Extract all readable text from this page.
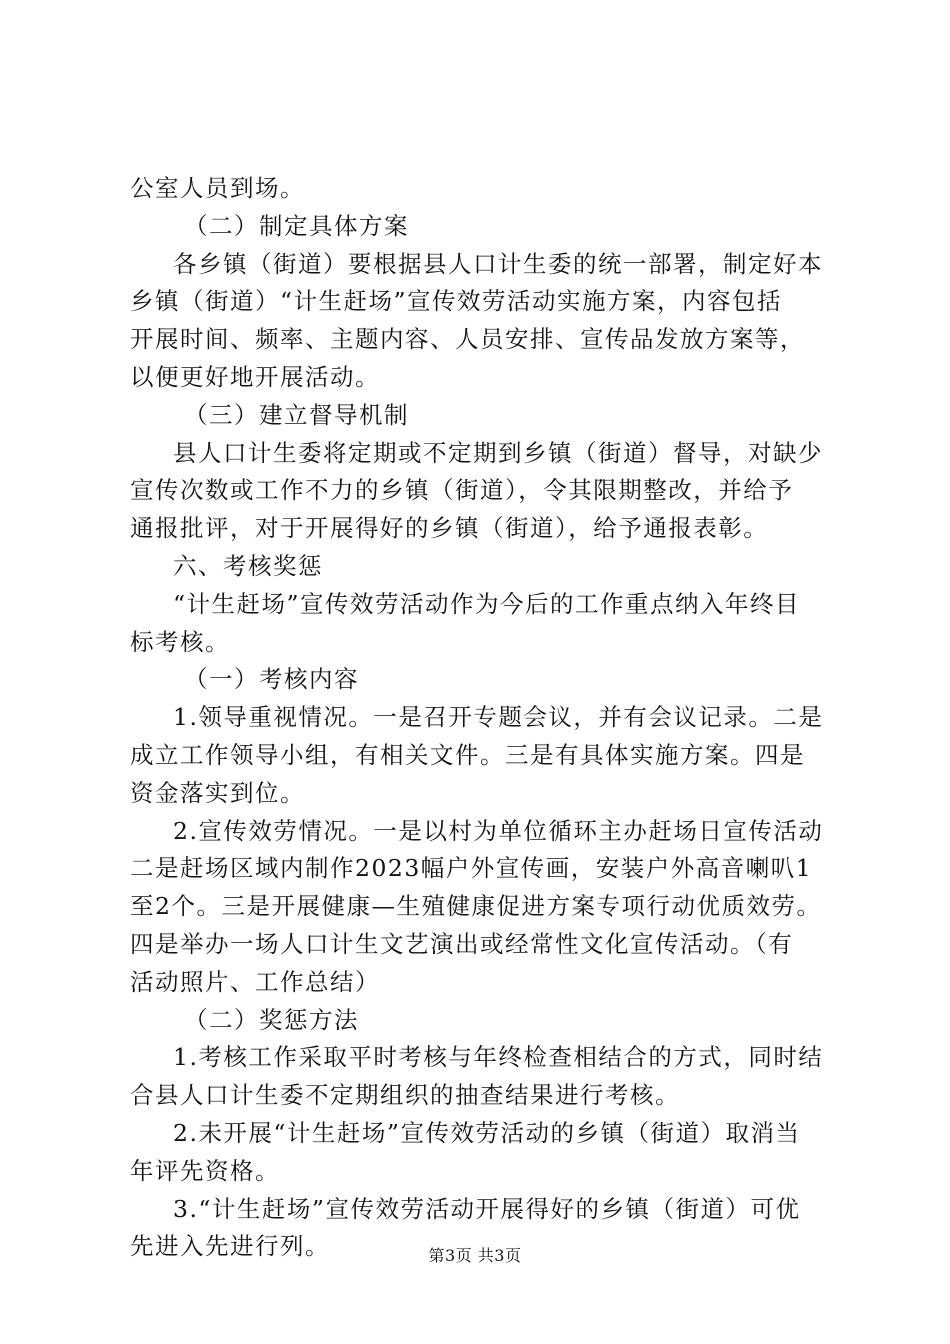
公室人员到场。
（二）制定具体方案
各乡镇（街道）要根据县人口计生委的统一部署，制定好本
乡镇（街道）“计生赶场”宣传效劳活动实施方案，内容包括
开展时间、频率、主题内容、人员安排、宣传品发放方案等，
以便更好地开展活动。
（三）建立督导机制
县人口计生委将定期或不定期到乡镇（街道）督导，对缺少
宣传次数或工作不力的乡镇（街道），令其限期整改，并给予
通报批评，对于开展得好的乡镇（街道），给予通报表彰。
六、考核奖惩
“计生赶场”宣传效劳活动作为今后的工作重点纳入年终目
标考核。
（一）考核内容
1.领导重视情况。一是召开专题会议，并有会议记录。二是
成立工作领导小组，有相关文件。三是有具体实施方案。四是
资金落实到位。
2.宣传效劳情况。一是以村为单位循环主办赶场日宣传活动
二是赶场区域内制作2023幅户外宣传画，安装户外高音喇叭1
至2个。三是开展健康—生殖健康促进方案专项行动优质效劳。
四是举办一场人口计生文艺演出或经常性文化宣传活动。（有
活动照片、工作总结）
（二）奖惩方法
1.考核工作采取平时考核与年终检查相结合的方式，同时结
合县人口计生委不定期组织的抽查结果进行考核。
2.未开展“计生赶场”宣传效劳活动的乡镇（街道）取消当
年评先资格。
3.“计生赶场”宣传效劳活动开展得好的乡镇（街道）可优
先进入先进行列。	第3页 共3页
